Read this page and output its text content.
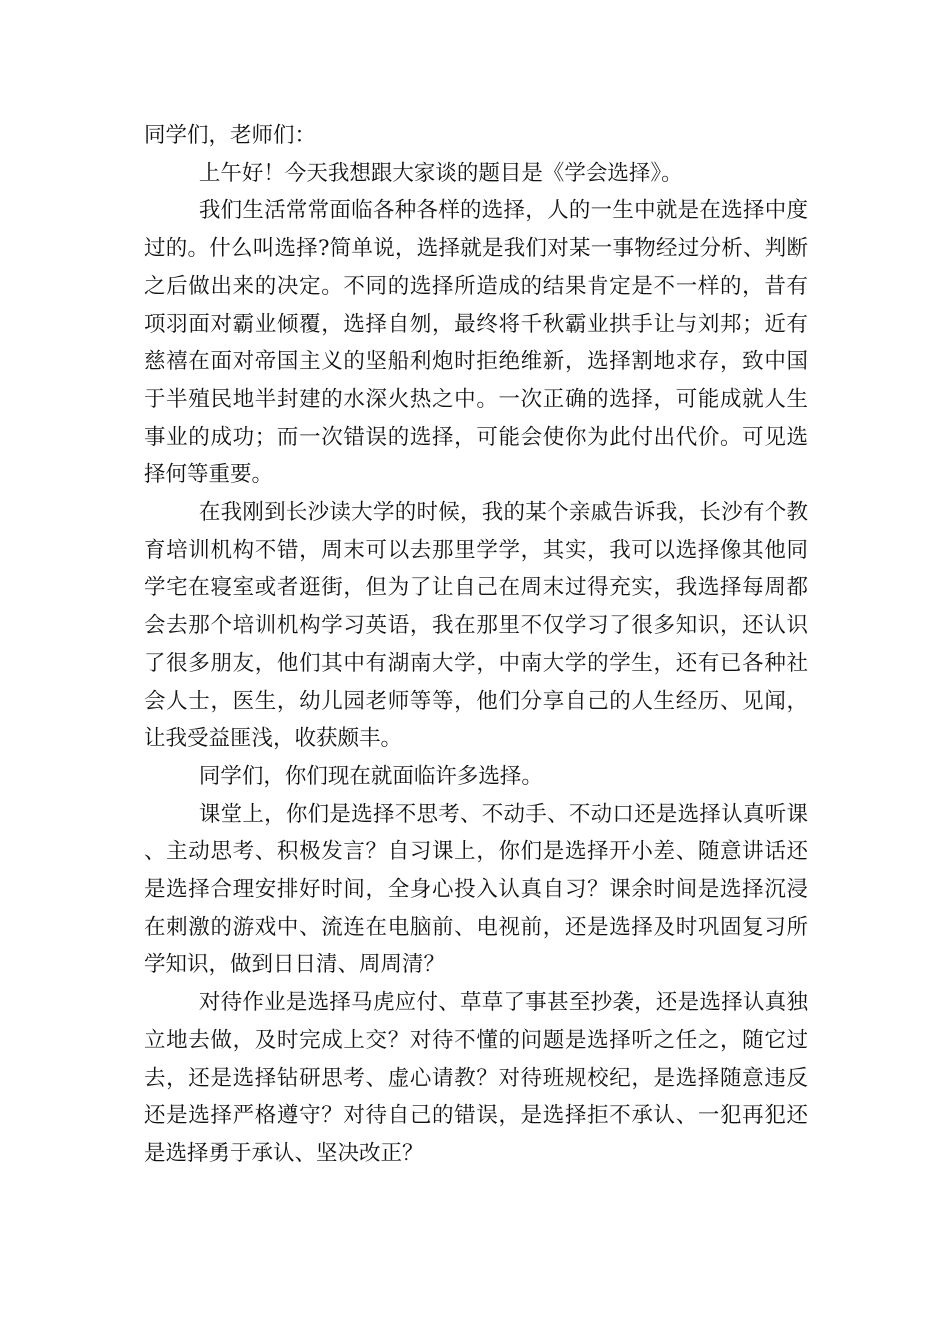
同学们，老师们：

上午好！今天我想跟大家谈的题目是《学会选择》。

我们生活常常面临各种各样的选择，人的一生中就是在选择中度过的。什么叫选择?简单说，选择就是我们对某一事物经过分析、判断之后做出来的决定。不同的选择所造成的结果肯定是不一样的，昔有项羽面对霸业倾覆，选择自刎，最终将千秋霸业拱手让与刘邦；近有慈禧在面对帝国主义的坚船利炮时拒绝维新，选择割地求存，致中国于半殖民地半封建的水深火热之中。一次正确的选择，可能成就人生事业的成功；而一次错误的选择，可能会使你为此付出代价。可见选择何等重要。

在我刚到长沙读大学的时候，我的某个亲戚告诉我，长沙有个教育培训机构不错，周末可以去那里学学，其实，我可以选择像其他同学宅在寝室或者逛街，但为了让自己在周末过得充实，我选择每周都会去那个培训机构学习英语，我在那里不仅学习了很多知识，还认识了很多朋友，他们其中有湖南大学，中南大学的学生，还有已各种社会人士，医生，幼儿园老师等等，他们分享自己的人生经历、见闻，让我受益匪浅，收获颇丰。

同学们，你们现在就面临许多选择。

课堂上，你们是选择不思考、不动手、不动口还是选择认真听课、主动思考、积极发言？自习课上，你们是选择开小差、随意讲话还是选择合理安排好时间，全身心投入认真自习？课余时间是选择沉浸在刺激的游戏中、流连在电脑前、电视前，还是选择及时巩固复习所学知识，做到日日清、周周清？

对待作业是选择马虎应付、草草了事甚至抄袭，还是选择认真独立地去做，及时完成上交？对待不懂的问题是选择听之任之，随它过去，还是选择钻研思考、虚心请教？对待班规校纪，是选择随意违反还是选择严格遵守？对待自己的错误，是选择拒不承认、一犯再犯还是选择勇于承认、坚决改正？
